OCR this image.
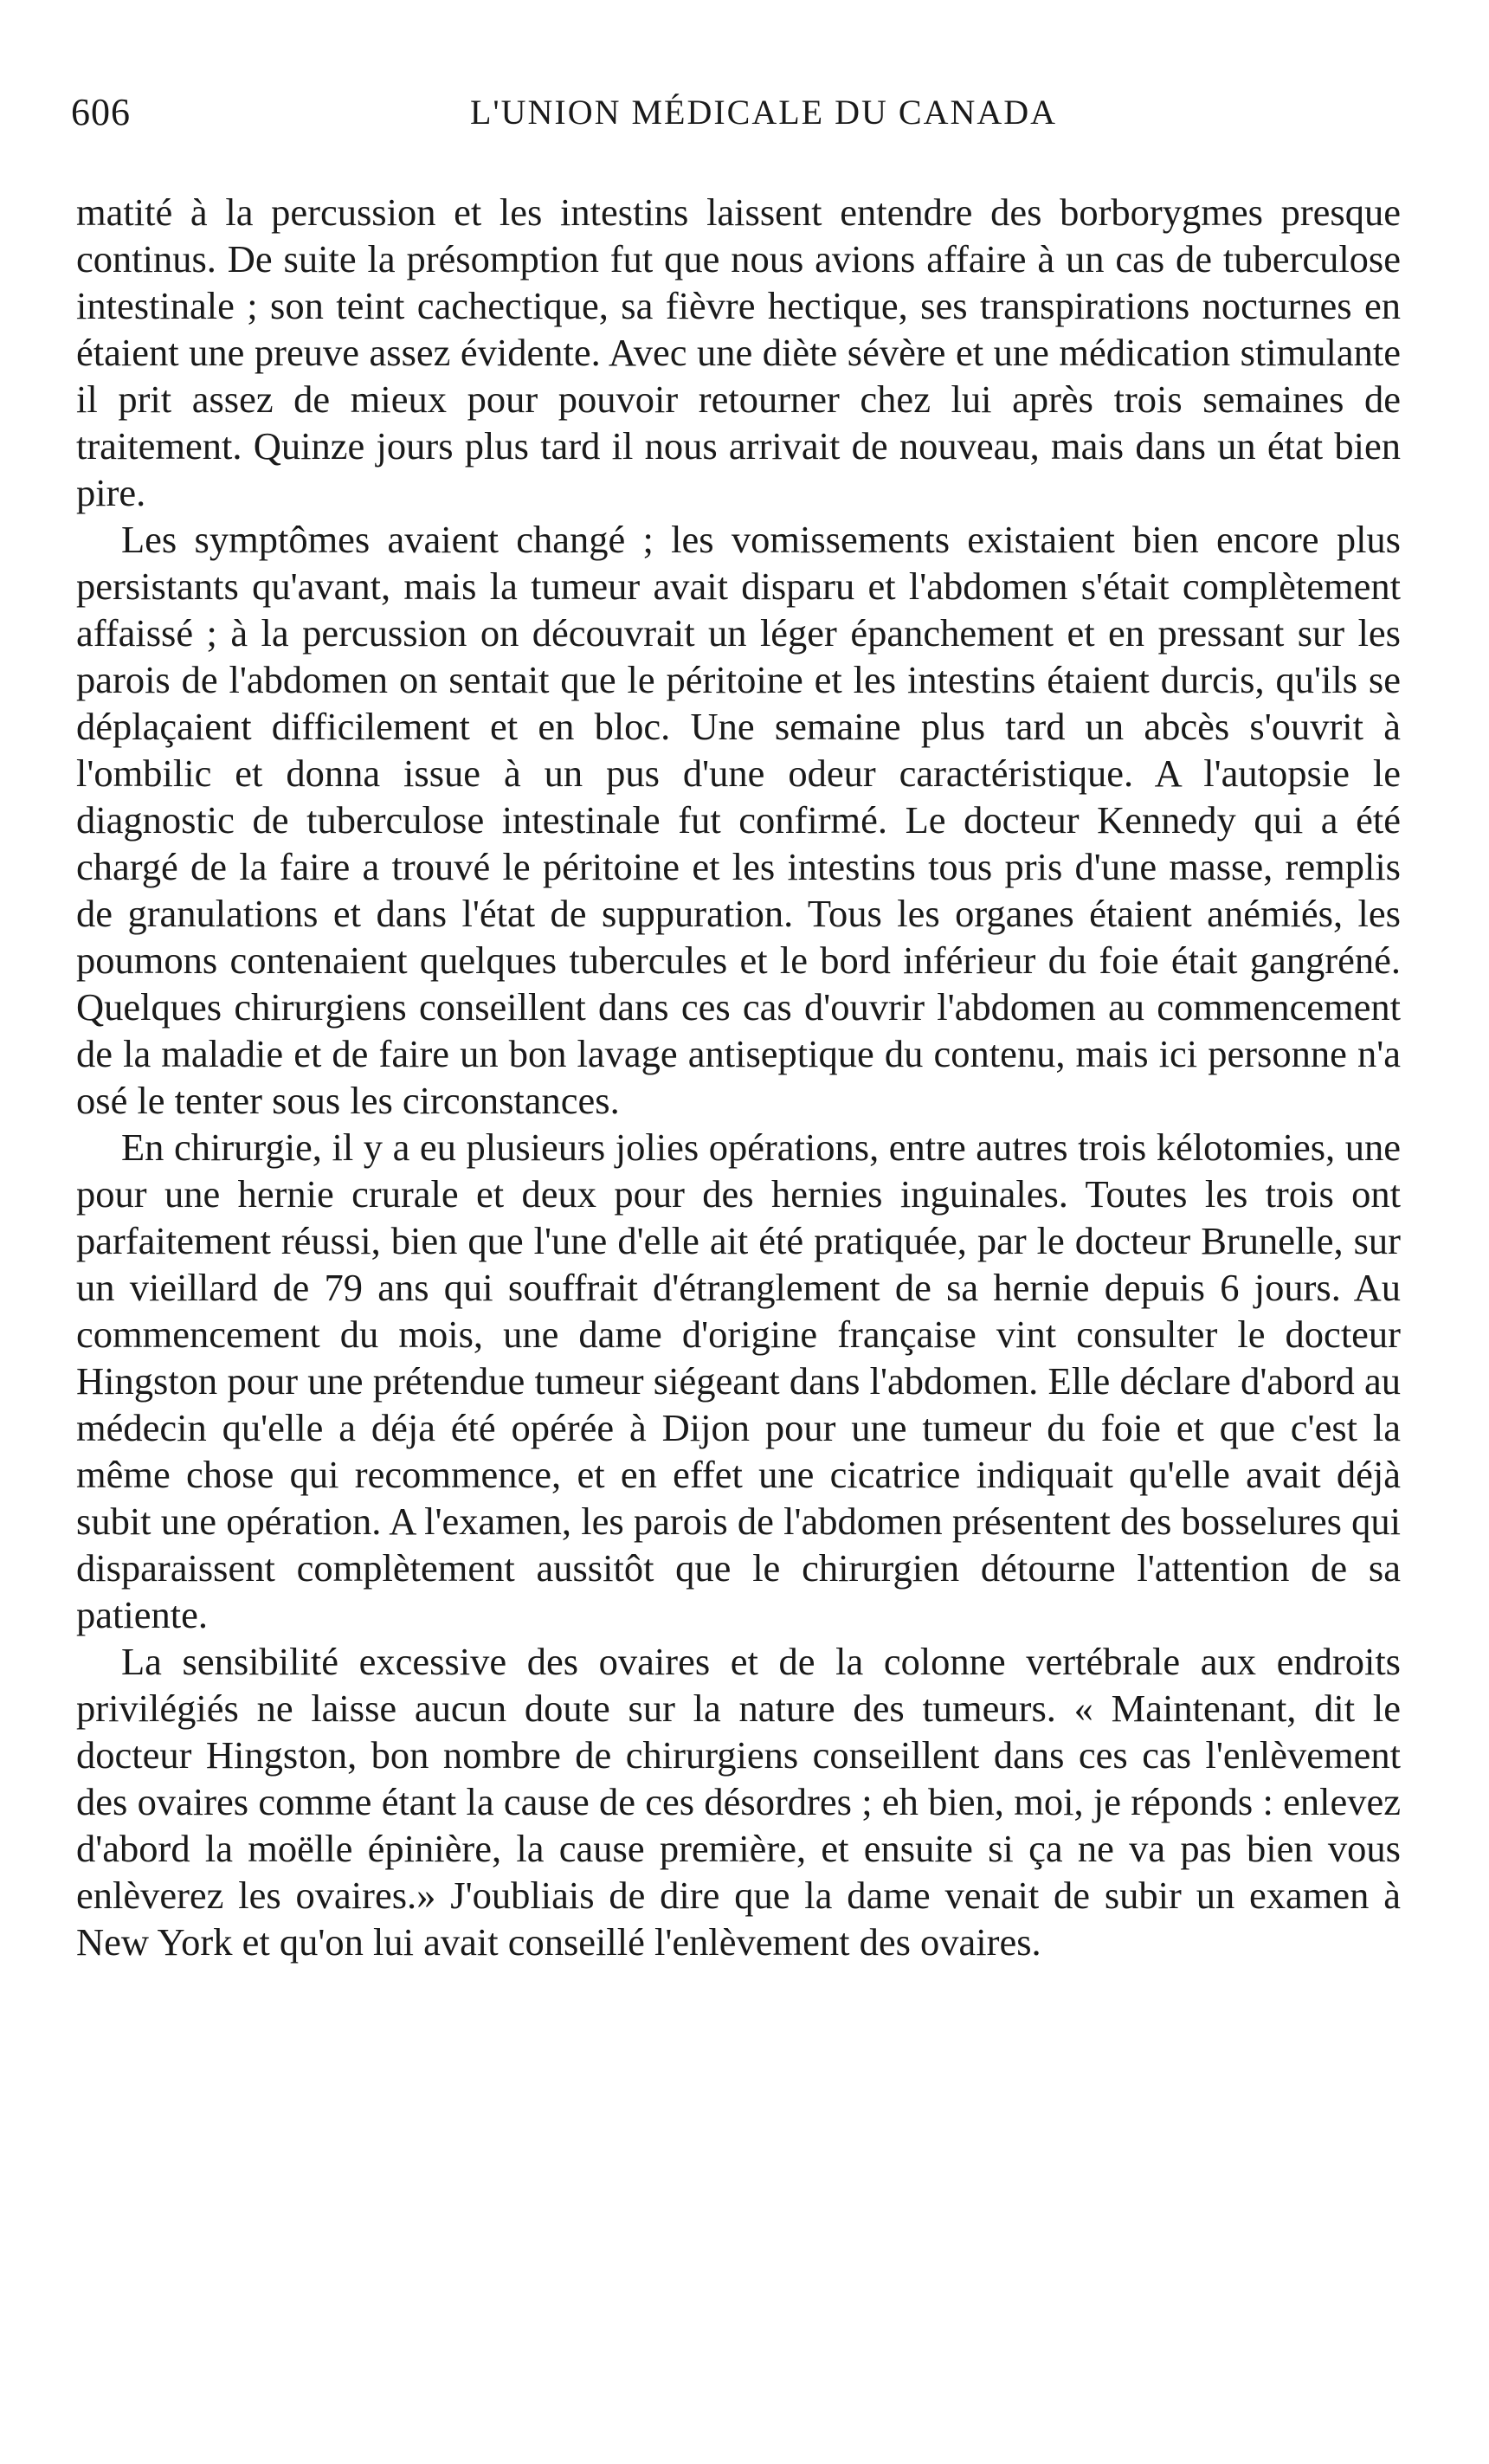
606	L'UNION MÉDICALE DU CANADA

matité à la percussion et les intestins laissent entendre des borborygmes presque continus. De suite la présomption fut que nous avions affaire à un cas de tuberculose intestinale ; son teint cachectique, sa fièvre hectique, ses transpirations nocturnes en étaient une preuve assez évidente. Avec une diète sévère et une médication stimulante il prit assez de mieux pour pouvoir retourner chez lui après trois semaines de traitement. Quinze jours plus tard il nous arrivait de nouveau, mais dans un état bien pire.

Les symptômes avaient changé ; les vomissements existaient bien encore plus persistants qu'avant, mais la tumeur avait disparu et l'abdomen s'était complètement affaissé ; à la percussion on découvrait un léger épanchement et en pressant sur les parois de l'abdomen on sentait que le péritoine et les intestins étaient durcis, qu'ils se déplaçaient difficilement et en bloc. Une semaine plus tard un abcès s'ouvrit à l'ombilic et donna issue à un pus d'une odeur caractéristique. A l'autopsie le diagnostic de tuberculose intestinale fut confirmé. Le docteur Kennedy qui a été chargé de la faire a trouvé le péritoine et les intestins tous pris d'une masse, remplis de granulations et dans l'état de suppuration. Tous les organes étaient anémiés, les poumons contenaient quelques tubercules et le bord inférieur du foie était gangréné. Quelques chirurgiens conseillent dans ces cas d'ouvrir l'abdomen au commencement de la maladie et de faire un bon lavage antiseptique du contenu, mais ici personne n'a osé le tenter sous les circonstances.

En chirurgie, il y a eu plusieurs jolies opérations, entre autres trois kélotomies, une pour une hernie crurale et deux pour des hernies inguinales. Toutes les trois ont parfaitement réussi, bien que l'une d'elle ait été pratiquée, par le docteur Brunelle, sur un vieillard de 79 ans qui souffrait d'étranglement de sa hernie depuis 6 jours. Au commencement du mois, une dame d'origine française vint consulter le docteur Hingston pour une prétendue tumeur siégeant dans l'abdomen. Elle déclare d'abord au médecin qu'elle a déja été opérée à Dijon pour une tumeur du foie et que c'est la même chose qui recommence, et en effet une cicatrice indiquait qu'elle avait déjà subit une opération. A l'examen, les parois de l'abdomen présentent des bosselures qui disparaissent complètement aussitôt que le chirurgien détourne l'attention de sa patiente.

La sensibilité excessive des ovaires et de la colonne vertébrale aux endroits privilégiés ne laisse aucun doute sur la nature des tumeurs. « Maintenant, dit le docteur Hingston, bon nombre de chirurgiens conseillent dans ces cas l'enlèvement des ovaires comme étant la cause de ces désordres ; eh bien, moi, je réponds : enlevez d'abord la moëlle épinière, la cause première, et ensuite si ça ne va pas bien vous enlèverez les ovaires.» J'oubliais de dire que la dame venait de subir un examen à New York et qu'on lui avait conseillé l'enlèvement des ovaires.
